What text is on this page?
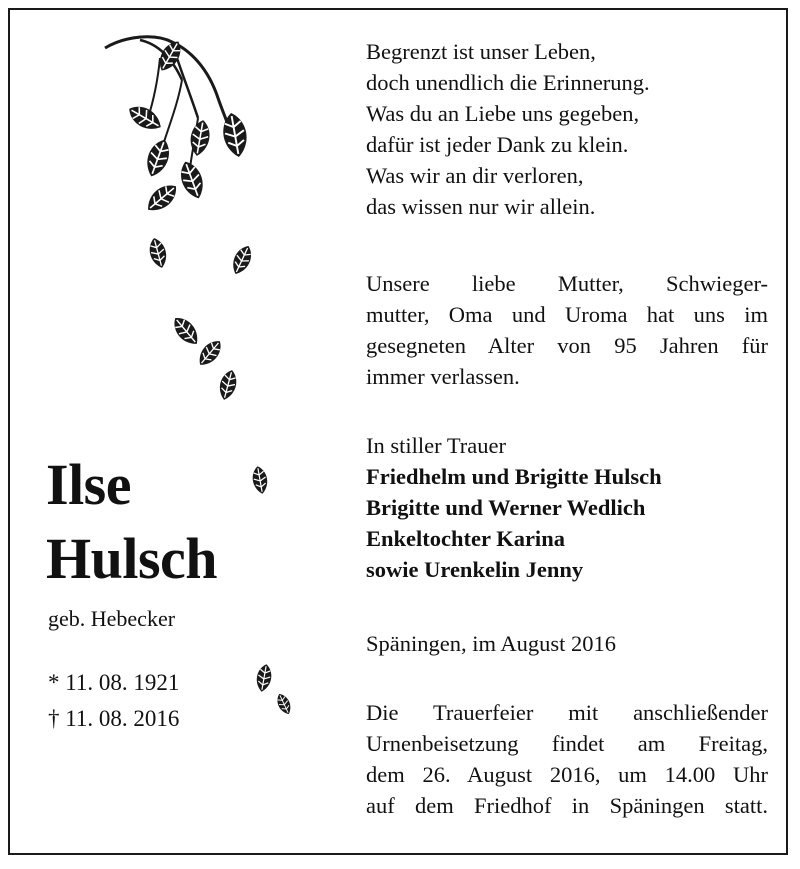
Ilse
Hulsch
geb. Hebecker
* 11. 08. 1921
† 11. 08. 2016
Begrenzt ist unser Leben,
doch unendlich die Erinnerung.
Was du an Liebe uns gegeben,
dafür ist jeder Dank zu klein.
Was wir an dir verloren,
das wissen nur wir allein.
Unsere liebe Mutter, Schwieger-
mutter, Oma und Uroma hat uns im
gesegneten Alter von 95 Jahren für
immer verlassen.
In stiller Trauer
Friedhelm und Brigitte Hulsch
Brigitte und Werner Wedlich
Enkeltochter Karina
sowie Urenkelin Jenny
Späningen, im August 2016
Die Trauerfeier mit anschließender
Urnenbeisetzung findet am Freitag,
dem 26. August 2016, um 14.00 Uhr
auf dem Friedhof in Späningen statt.
